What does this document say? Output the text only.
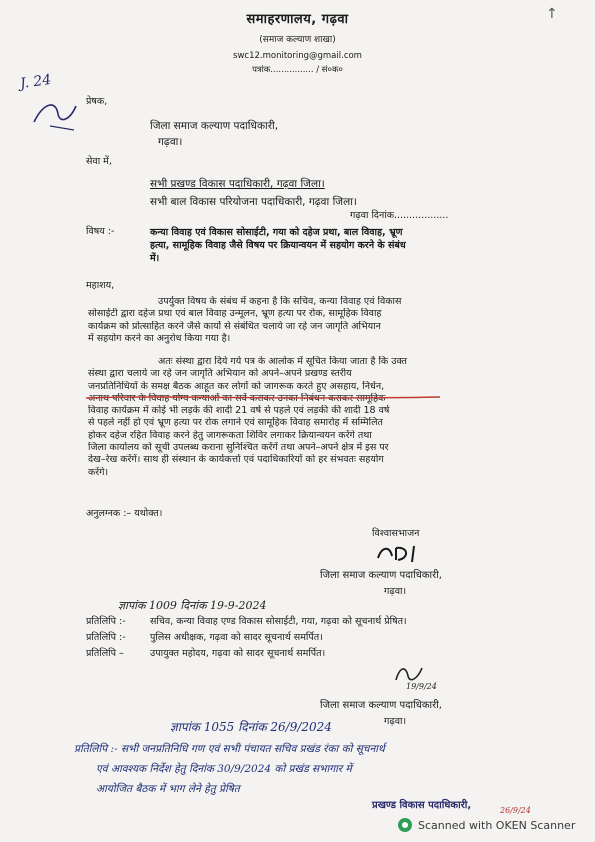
समाहरणालय, गढ़वा
(समाज कल्याण शाखा)
swc12.monitoring@gmail.com
पत्रांक................ / सं०क०
J. 24
प्रेषक,
जिला समाज कल्याण पदाधिकारी,
गढ़वा।
सेवा में,
सभी प्रखण्ड विकास पदाधिकारी, गढ़वा जिला।
सभी बाल विकास परियोजना पदाधिकारी, गढ़वा जिला।
गढ़वा दिनांक..................
विषय :-	कन्या विवाह एवं विकास सोसाईटी, गया को दहेज प्रथा, बाल विवाह, भ्रूण
हत्या, सामूहिक विवाह जैसे विषय पर क्रियान्वयन में सहयोग करने के संबंध
में।
महाशय,
उपर्युक्त विषय के संबंध में कहना है कि सचिव, कन्या विवाह एवं विकास
सोसाईटी द्वारा दहेज प्रथा एवं बाल विवाह उन्मूलन, भ्रूण हत्या पर रोक, सामूहिक विवाह
कार्यक्रम को प्रोत्साहित करने जैसे कार्यो से संबंधित चलाये जा रहे जन जागृति अभियान
में सहयोग करने का अनुरोध किया गया है।
अतः संस्था द्वारा दिये गये पत्र के आलोक में सूचित किया जाता है कि उक्त
संस्था द्वारा चलाये जा रहे जन जागृति अभियान को अपने–अपने प्रखण्ड स्तरीय
जनप्रतिनिधियों के समक्ष बैठक आहूत कर लोगों को जागरूक करते हुए असहाय, निर्धन,
अनाथ परिवार के विवाह योग्य कन्याओं का सर्वे कराकर उनका निबंधन कराकर सामूहिक
विवाह कार्यक्रम में कोई भी लड़के की शादी 21 वर्ष से पहले एवं लड़की की शादी 18 वर्ष
से पहले नहीं हो एवं भ्रूण हत्या पर रोक लगाने एवं सामूहिक विवाह समारोह में सम्मिलित
होकर दहेज रहित विवाह करने हेतु जागरूकता शिविर लगाकर क्रियान्वयन करेंगे तथा
जिला कार्यालय को सूची उपलब्ध कराना सुनिश्चित करेंगें तथा अपने–अपने क्षेत्र में इस पर
देख–रेख करेंगें। साथ ही संस्थान के कार्यकर्त्ता एवं पदाधिकारियों को हर संभवतः सहयोग
करेंगे।
अनुलग्नक :– यथोक्त।
विश्वासभाजन
जिला समाज कल्याण पदाधिकारी,
गढ़वा।
ज्ञापांक 1009 दिनांक 19-9-2024
प्रतिलिपि :-	सचिव, कन्या विवाह एण्ड विकास सोसाईटी, गया, गढ़वा को सूचनार्थ प्रेषित।
प्रतिलिपि :-	पुलिस अधीक्षक, गढ़वा को सादर सूचनार्थ समर्पित।
प्रतिलिपि –	उपायुक्त महोदय, गढ़वा को सादर सूचनार्थ समर्पित।
19/9/24
जिला समाज कल्याण पदाधिकारी,
गढ़वा।
ज्ञापांक 1055 दिनांक 26/9/2024
प्रतिलिपि :- सभी जनप्रतिनिधि गण एवं सभी पंचायत सचिव प्रखंड रंका को सूचनार्थ
एवं आवश्यक निर्देश हेतु दिनांक 30/9/2024 को प्रखंड सभागार में
आयोजित बैठक में भाग लेने हेतु प्रेषित
प्रखण्ड विकास पदाधिकारी,	26/9/24
↑
Scanned with OKEN Scanner
